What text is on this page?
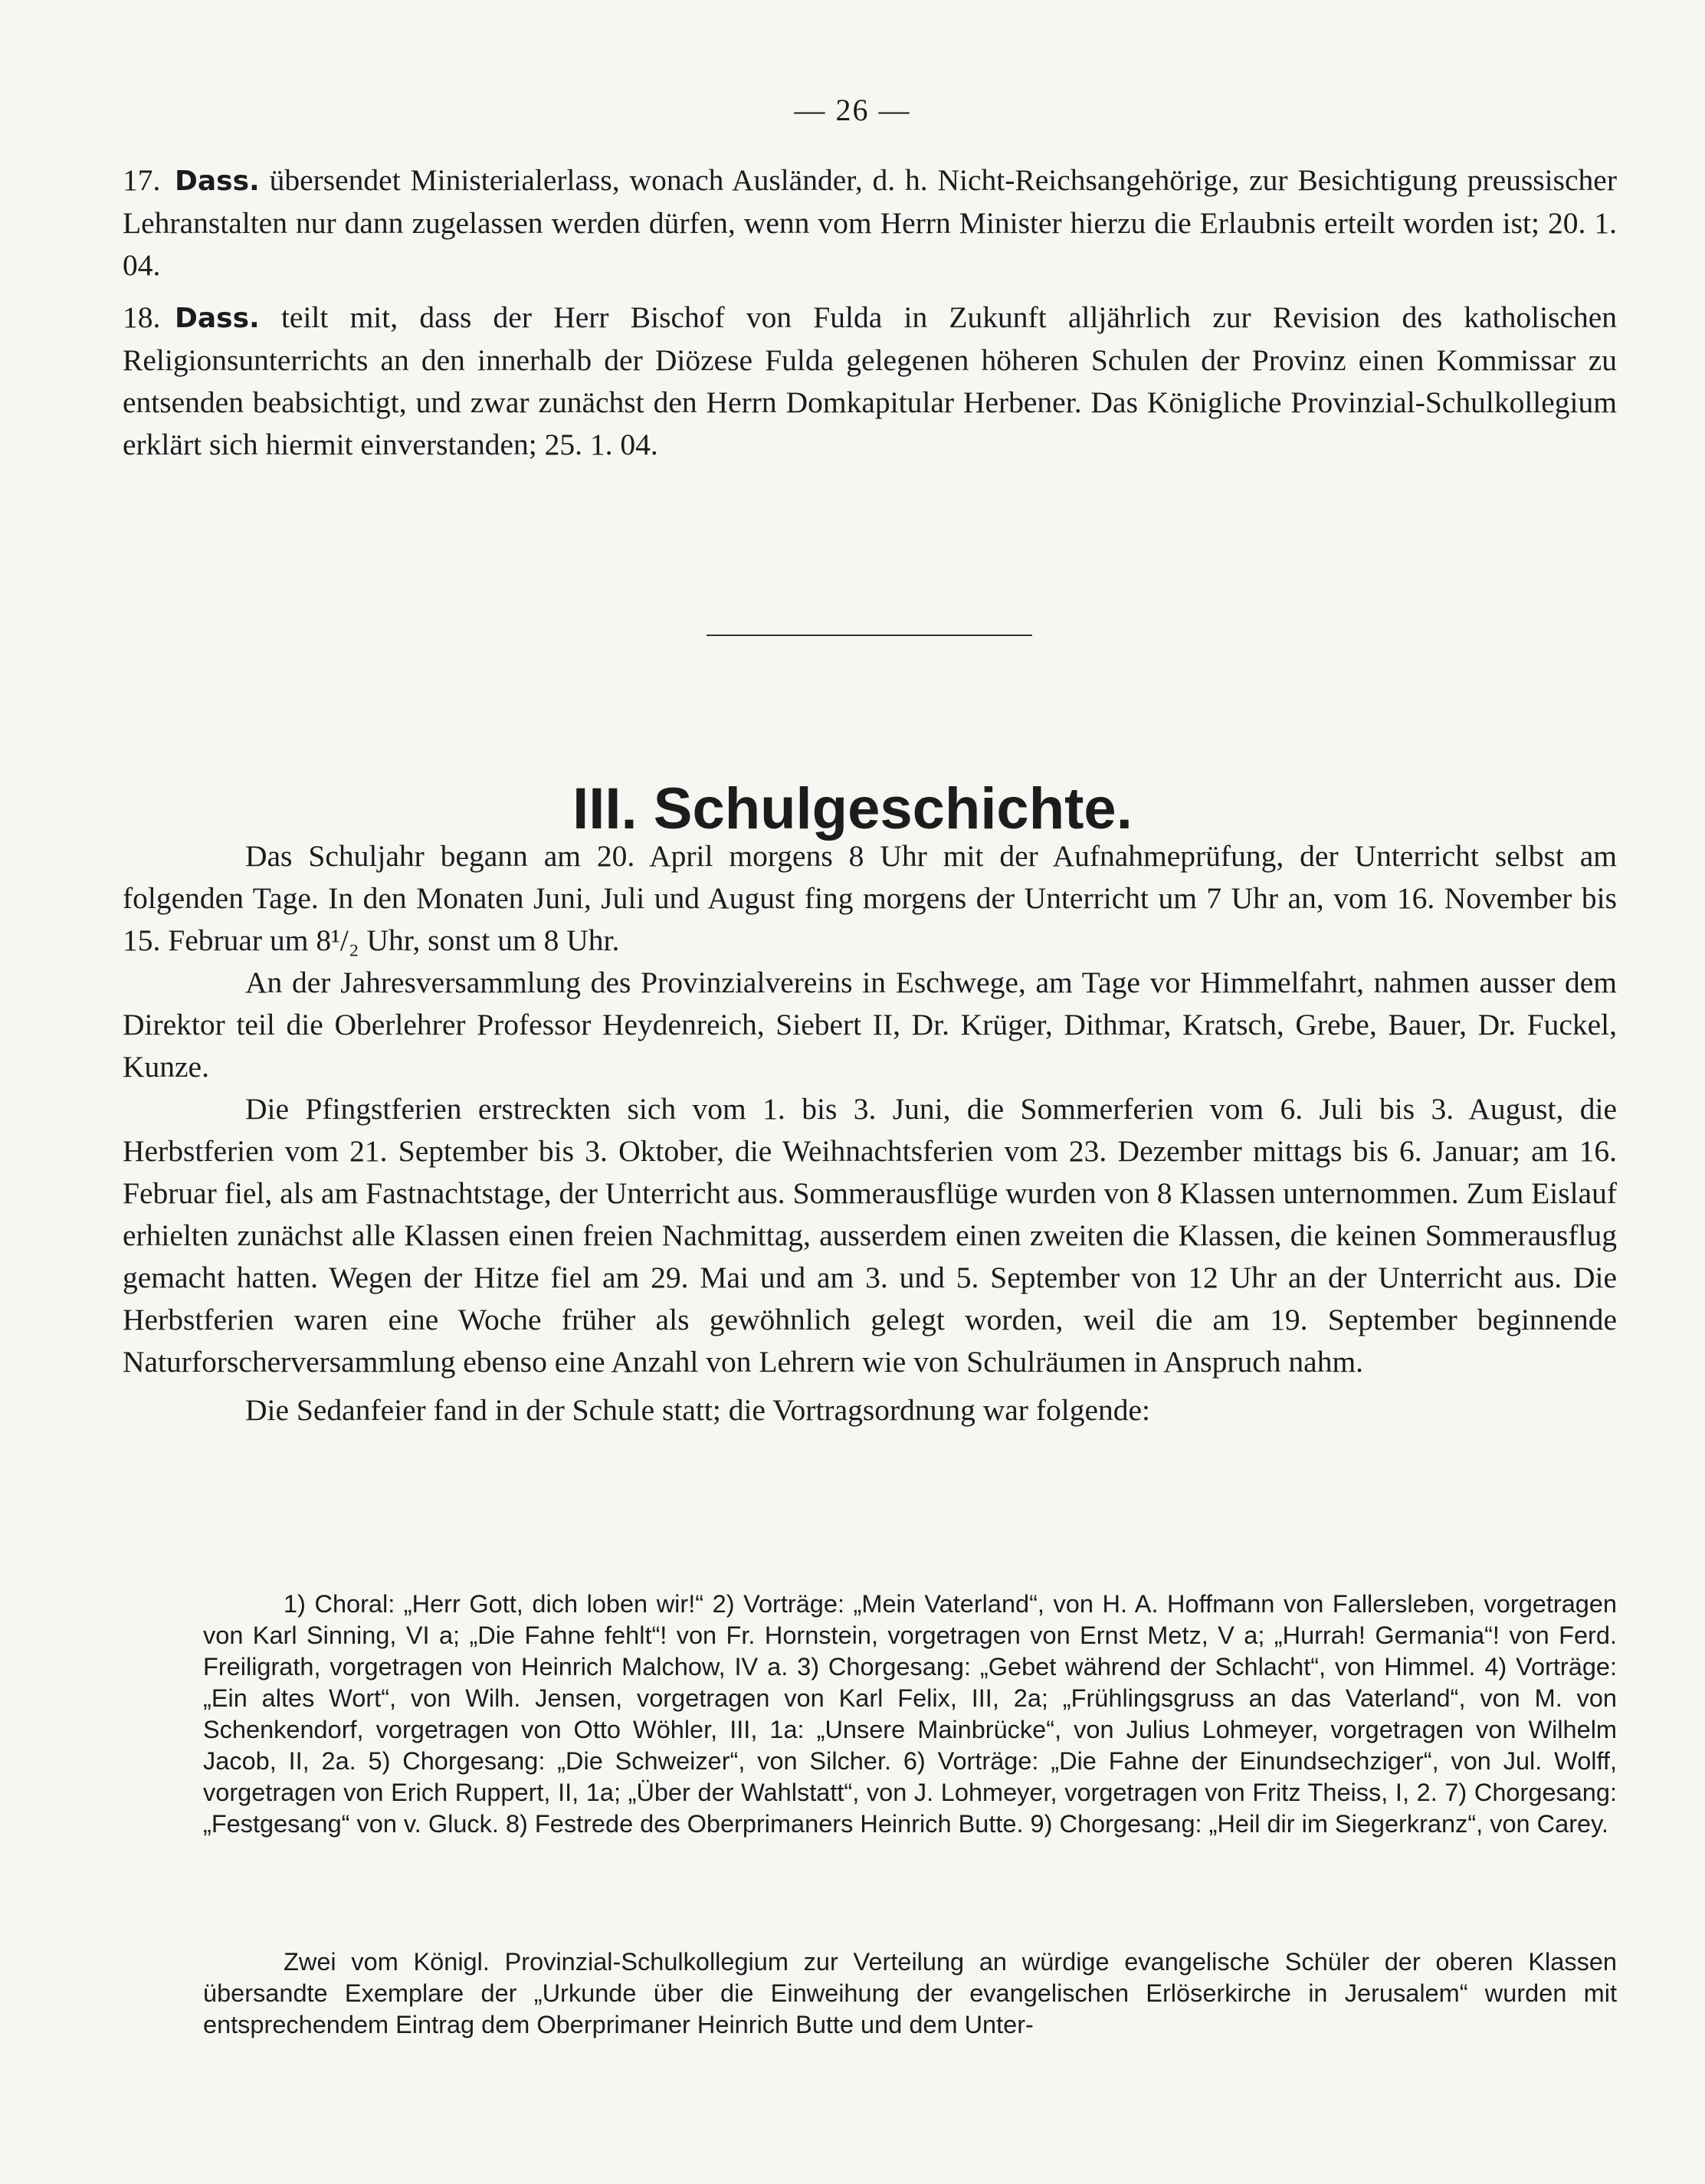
— 26 —

17. Dass. übersendet Ministerialerlass, wonach Ausländer, d. h. Nicht-Reichsangehörige, zur Besichtigung preussischer Lehranstalten nur dann zugelassen werden dürfen, wenn vom Herrn Minister hierzu die Erlaubnis erteilt worden ist; 20. 1. 04.

18. Dass. teilt mit, dass der Herr Bischof von Fulda in Zukunft alljährlich zur Revision des katholischen Religionsunterrichts an den innerhalb der Diözese Fulda gelegenen höheren Schulen der Provinz einen Kommissar zu entsenden beabsichtigt, und zwar zunächst den Herrn Domkapitular Herbener. Das Königliche Provinzial-Schulkollegium erklärt sich hiermit einverstanden; 25. 1. 04.

III. Schulgeschichte.

Das Schuljahr begann am 20. April morgens 8 Uhr mit der Aufnahmeprüfung, der Unterricht selbst am folgenden Tage. In den Monaten Juni, Juli und August fing morgens der Unterricht um 7 Uhr an, vom 16. November bis 15. Februar um 8¹/₂ Uhr, sonst um 8 Uhr.

An der Jahresversammlung des Provinzialvereins in Eschwege, am Tage vor Himmelfahrt, nahmen ausser dem Direktor teil die Oberlehrer Professor Heydenreich, Siebert II, Dr. Krüger, Dithmar, Kratsch, Grebe, Bauer, Dr. Fuckel, Kunze.

Die Pfingstferien erstreckten sich vom 1. bis 3. Juni, die Sommerferien vom 6. Juli bis 3. August, die Herbstferien vom 21. September bis 3. Oktober, die Weihnachtsferien vom 23. Dezember mittags bis 6. Januar; am 16. Februar fiel, als am Fastnachtstage, der Unterricht aus. Sommerausflüge wurden von 8 Klassen unternommen. Zum Eislauf erhielten zunächst alle Klassen einen freien Nachmittag, ausserdem einen zweiten die Klassen, die keinen Sommerausflug gemacht hatten. Wegen der Hitze fiel am 29. Mai und am 3. und 5. September von 12 Uhr an der Unterricht aus. Die Herbstferien waren eine Woche früher als gewöhnlich gelegt worden, weil die am 19. September beginnende Naturforscherversammlung ebenso eine Anzahl von Lehrern wie von Schulräumen in Anspruch nahm.

Die Sedanfeier fand in der Schule statt; die Vortragsordnung war folgende:

1) Choral: „Herr Gott, dich loben wir!“ 2) Vorträge: „Mein Vaterland“, von H. A. Hoffmann von Fallersleben, vorgetragen von Karl Sinning, VI a; „Die Fahne fehlt“! von Fr. Hornstein, vorgetragen von Ernst Metz, V a; „Hurrah! Germania“! von Ferd. Freiligrath, vorgetragen von Heinrich Malchow, IV a. 3) Chorgesang: „Gebet während der Schlacht“, von Himmel. 4) Vorträge: „Ein altes Wort“, von Wilh. Jensen, vorgetragen von Karl Felix, III, 2a; „Frühlingsgruss an das Vaterland“, von M. von Schenkendorf, vorgetragen von Otto Wöhler, III, 1a: „Unsere Mainbrücke“, von Julius Lohmeyer, vorgetragen von Wilhelm Jacob, II, 2a. 5) Chorgesang: „Die Schweizer“, von Silcher. 6) Vorträge: „Die Fahne der Einundsechziger“, von Jul. Wolff, vorgetragen von Erich Ruppert, II, 1a; „Über der Wahlstatt“, von J. Lohmeyer, vorgetragen von Fritz Theiss, I, 2. 7) Chorgesang: „Festgesang“ von v. Gluck. 8) Festrede des Oberprimaners Heinrich Butte. 9) Chorgesang: „Heil dir im Siegerkranz“, von Carey.

Zwei vom Königl. Provinzial-Schulkollegium zur Verteilung an würdige evangelische Schüler der oberen Klassen übersandte Exemplare der „Urkunde über die Einweihung der evangelischen Erlöserkirche in Jerusalem“ wurden mit entsprechendem Eintrag dem Oberprimaner Heinrich Butte und dem Unter-
